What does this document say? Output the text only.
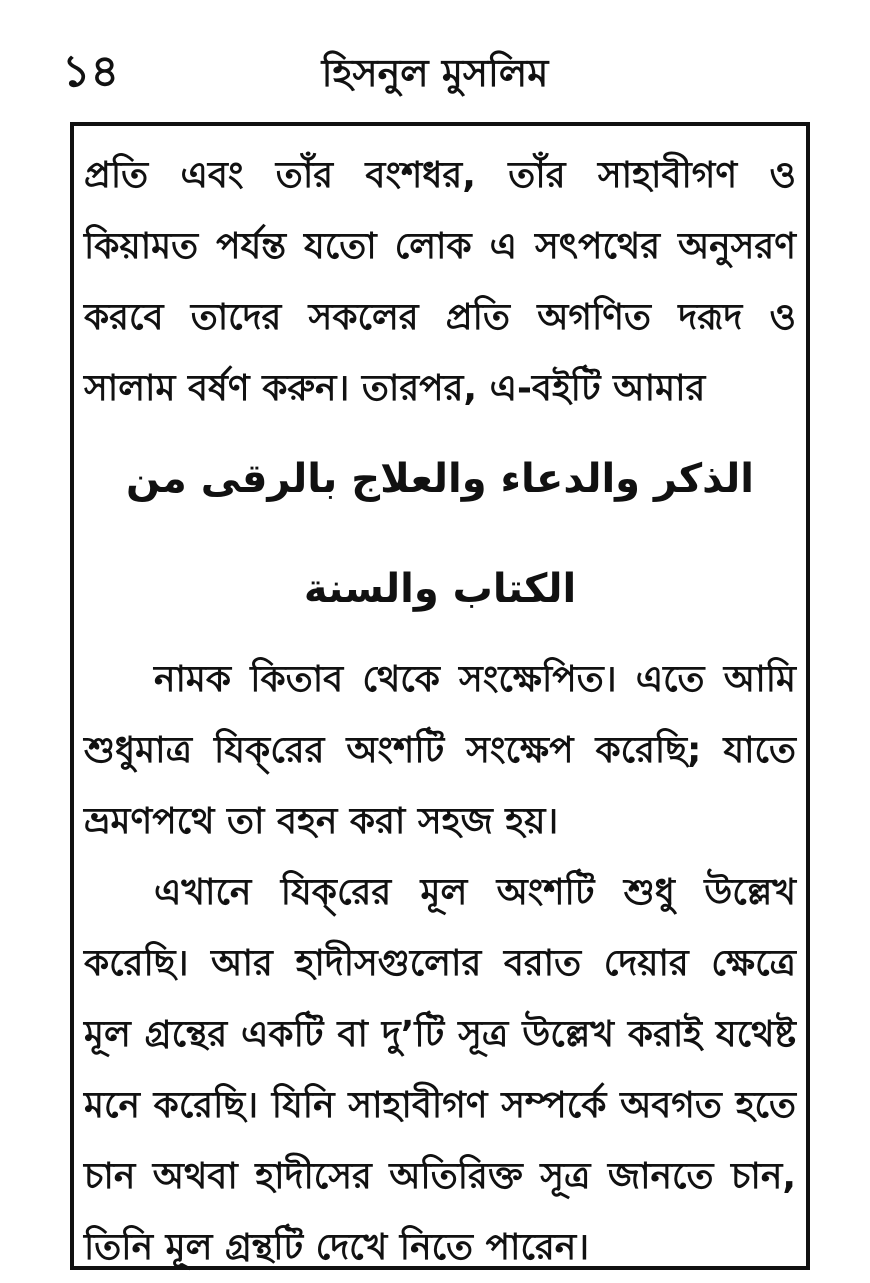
১৪	হিসনুল মুসলিম

প্রতি এবং তাঁর বংশধর, তাঁর সাহাবীগণ ও কিয়ামত পর্যন্ত যতো লোক এ সৎপথের অনুসরণ করবে তাদের সকলের প্রতি অগণিত দরূদ ও সালাম বর্ষণ করুন। তারপর, এ-বইটি আমার

الذكر والدعاء والعلاج بالرقى من الكتاب والسنة

নামক কিতাব থেকে সংক্ষেপিত। এতে আমি শুধুমাত্র যিক্‌রের অংশটি সংক্ষেপ করেছি; যাতে ভ্রমণপথে তা বহন করা সহজ হয়।

এখানে যিক্‌রের মূল অংশটি শুধু উল্লেখ করেছি। আর হাদীসগুলোর বরাত দেয়ার ক্ষেত্রে মূল গ্রন্থের একটি বা দু’টি সূত্র উল্লেখ করাই যথেষ্ট মনে করেছি। যিনি সাহাবীগণ সম্পর্কে অবগত হতে চান অথবা হাদীসের অতিরিক্ত সূত্র জানতে চান, তিনি মূল গ্রন্থটি দেখে নিতে পারেন।
